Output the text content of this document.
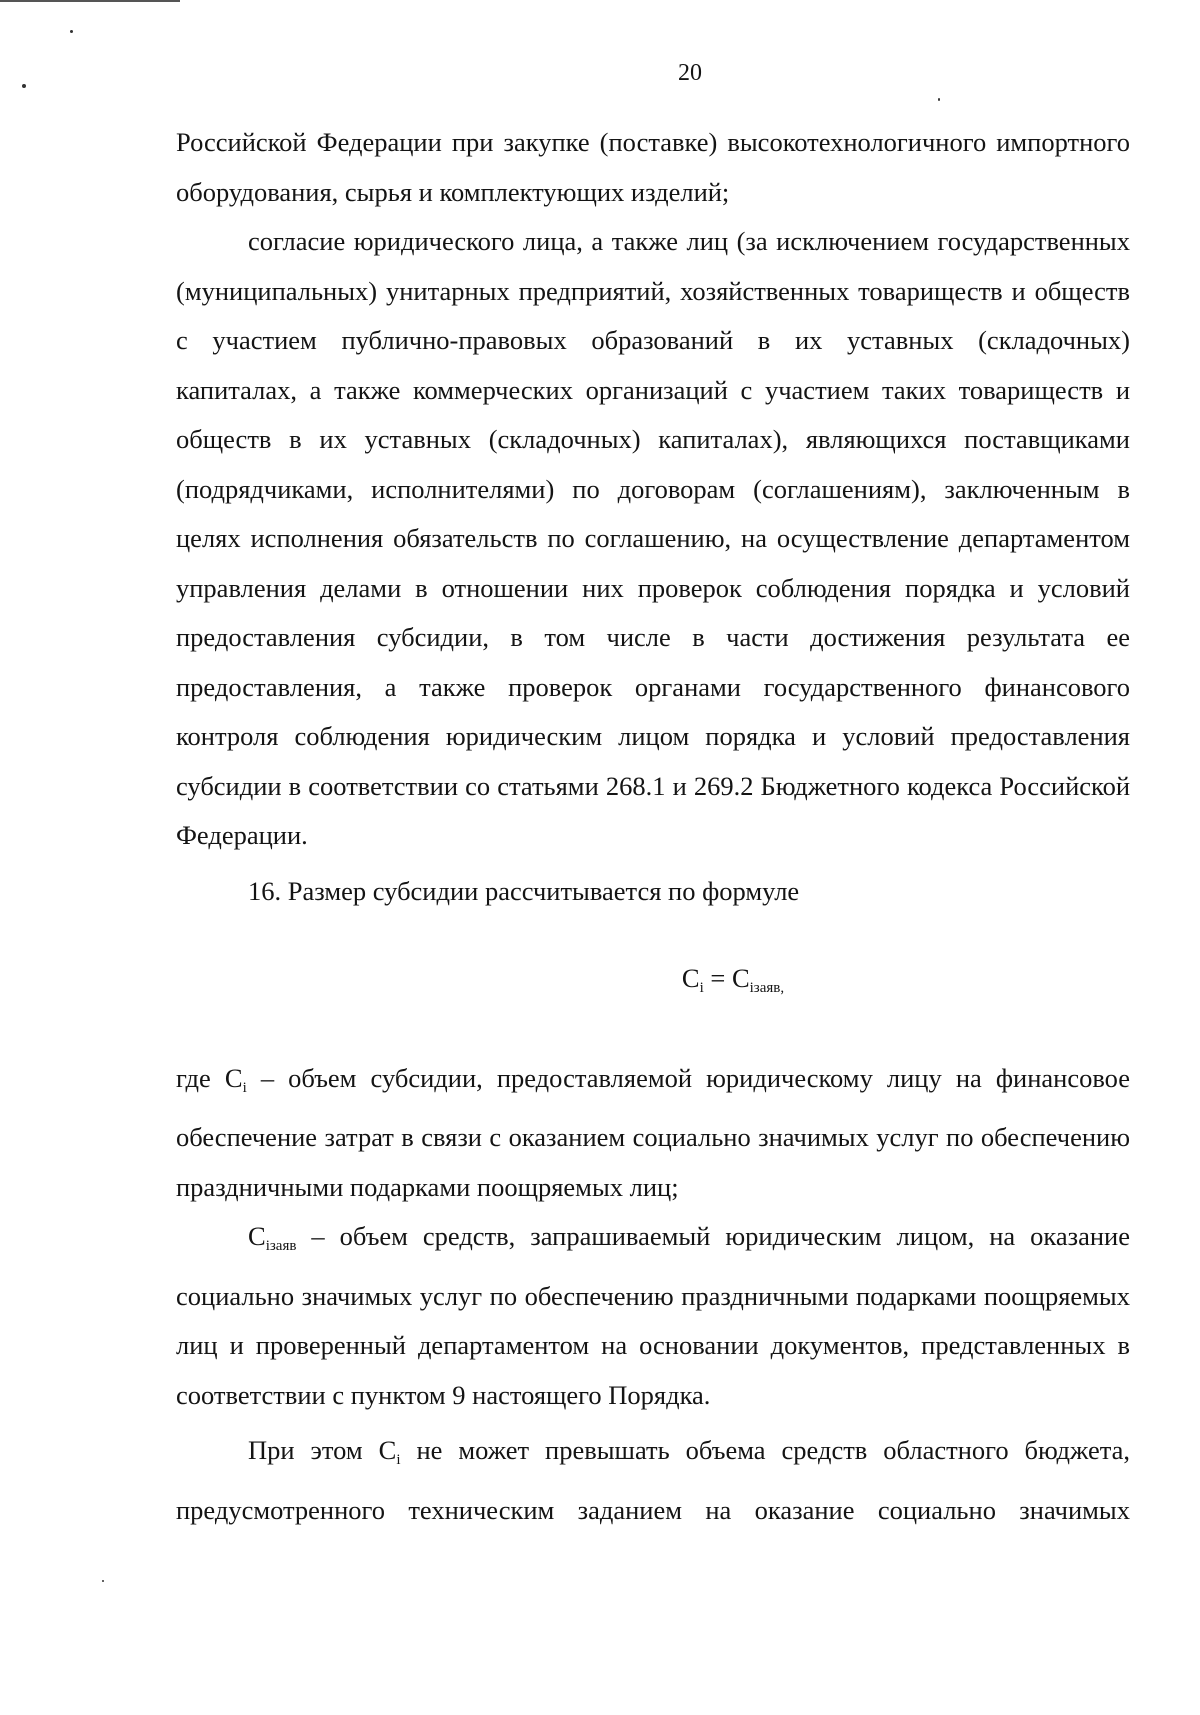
20

Российской Федерации при закупке (поставке) высокотехнологичного импортного оборудования, сырья и комплектующих изделий;

согласие юридического лица, а также лиц (за исключением государственных (муниципальных) унитарных предприятий, хозяйственных товариществ и обществ с участием публично-правовых образований в их уставных (складочных) капиталах, а также коммерческих организаций с участием таких товариществ и обществ в их уставных (складочных) капиталах), являющихся поставщиками (подрядчиками, исполнителями) по договорам (соглашениям), заключенным в целях исполнения обязательств по соглашению, на осуществление департаментом управления делами в отношении них проверок соблюдения порядка и условий предоставления субсидии, в том числе в части достижения результата ее предоставления, а также проверок органами государственного финансового контроля соблюдения юридическим лицом порядка и условий предоставления субсидии в соответствии со статьями 268.1 и 269.2 Бюджетного кодекса Российской Федерации.

16. Размер субсидии рассчитывается по формуле

$C_i = C_{iзаяв,}$

где $C_i$ – объем субсидии, предоставляемой юридическому лицу на финансовое обеспечение затрат в связи с оказанием социально значимых услуг по обеспечению праздничными подарками поощряемых лиц;

$C_{iзаяв}$ – объем средств, запрашиваемый юридическим лицом, на оказание социально значимых услуг по обеспечению праздничными подарками поощряемых лиц и проверенный департаментом на основании документов, представленных в соответствии с пунктом 9 настоящего Порядка.

При этом $C_i$ не может превышать объема средств областного бюджета, предусмотренного техническим заданием на оказание социально значимых
